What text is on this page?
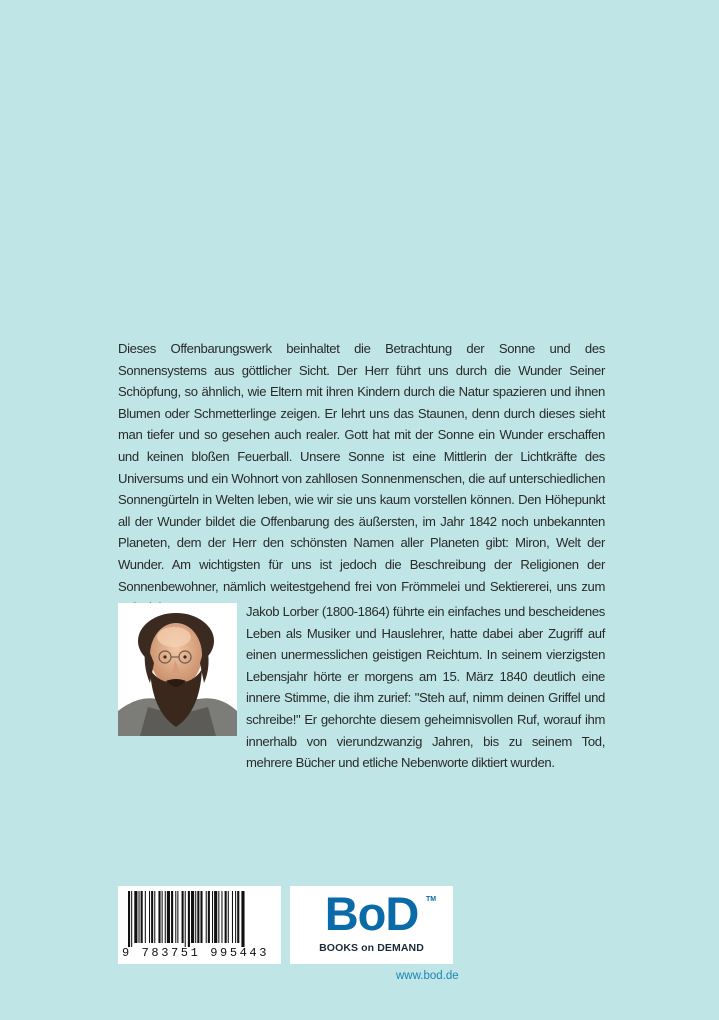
Dieses Offenbarungswerk beinhaltet die Betrachtung der Sonne und des Sonnensystems aus göttlicher Sicht. Der Herr führt uns durch die Wunder Seiner Schöpfung, so ähnlich, wie Eltern mit ihren Kindern durch die Natur spazieren und ihnen Blumen oder Schmetterlinge zeigen. Er lehrt uns das Staunen, denn durch dieses sieht man tiefer und so gesehen auch realer. Gott hat mit der Sonne ein Wunder erschaffen und keinen bloßen Feuerball. Unsere Sonne ist eine Mittlerin der Lichtkräfte des Universums und ein Wohnort von zahllosen Sonnenmenschen, die auf unterschiedlichen Sonnengürteln in Welten leben, wie wir sie uns kaum vorstellen können. Den Höhepunkt all der Wunder bildet die Offenbarung des äußersten, im Jahr 1842 noch unbekannten Planeten, dem der Herr den schönsten Namen aller Planeten gibt: Miron, Welt der Wunder. Am wichtigsten für uns ist jedoch die Beschreibung der Religionen der Sonnenbewohner, nämlich weitestgehend frei von Frömmelei und Sektiererei, uns zum

Jakob Lorber (1800-1864) führte ein einfaches und bescheidenes Leben als Musiker und Hauslehrer, hatte dabei aber Zugriff auf einen unermesslichen geistigen Reichtum. In seinem vierzigsten Lebensjahr hörte er morgens am 15. März 1840 deutlich eine innere Stimme, die ihm zurief: "Steh auf, nimm deinen Griffel und schreibe!" Er gehorchte diesem geheimnisvollen Ruf, worauf ihm innerhalb von vierundzwanzig Jahren, bis zu seinem Tod, mehrere Bücher und etliche Nebenworte diktiert wurden.

9 783751 995443
BoD	TM
BOOKS on DEMAND
www.bod.de
